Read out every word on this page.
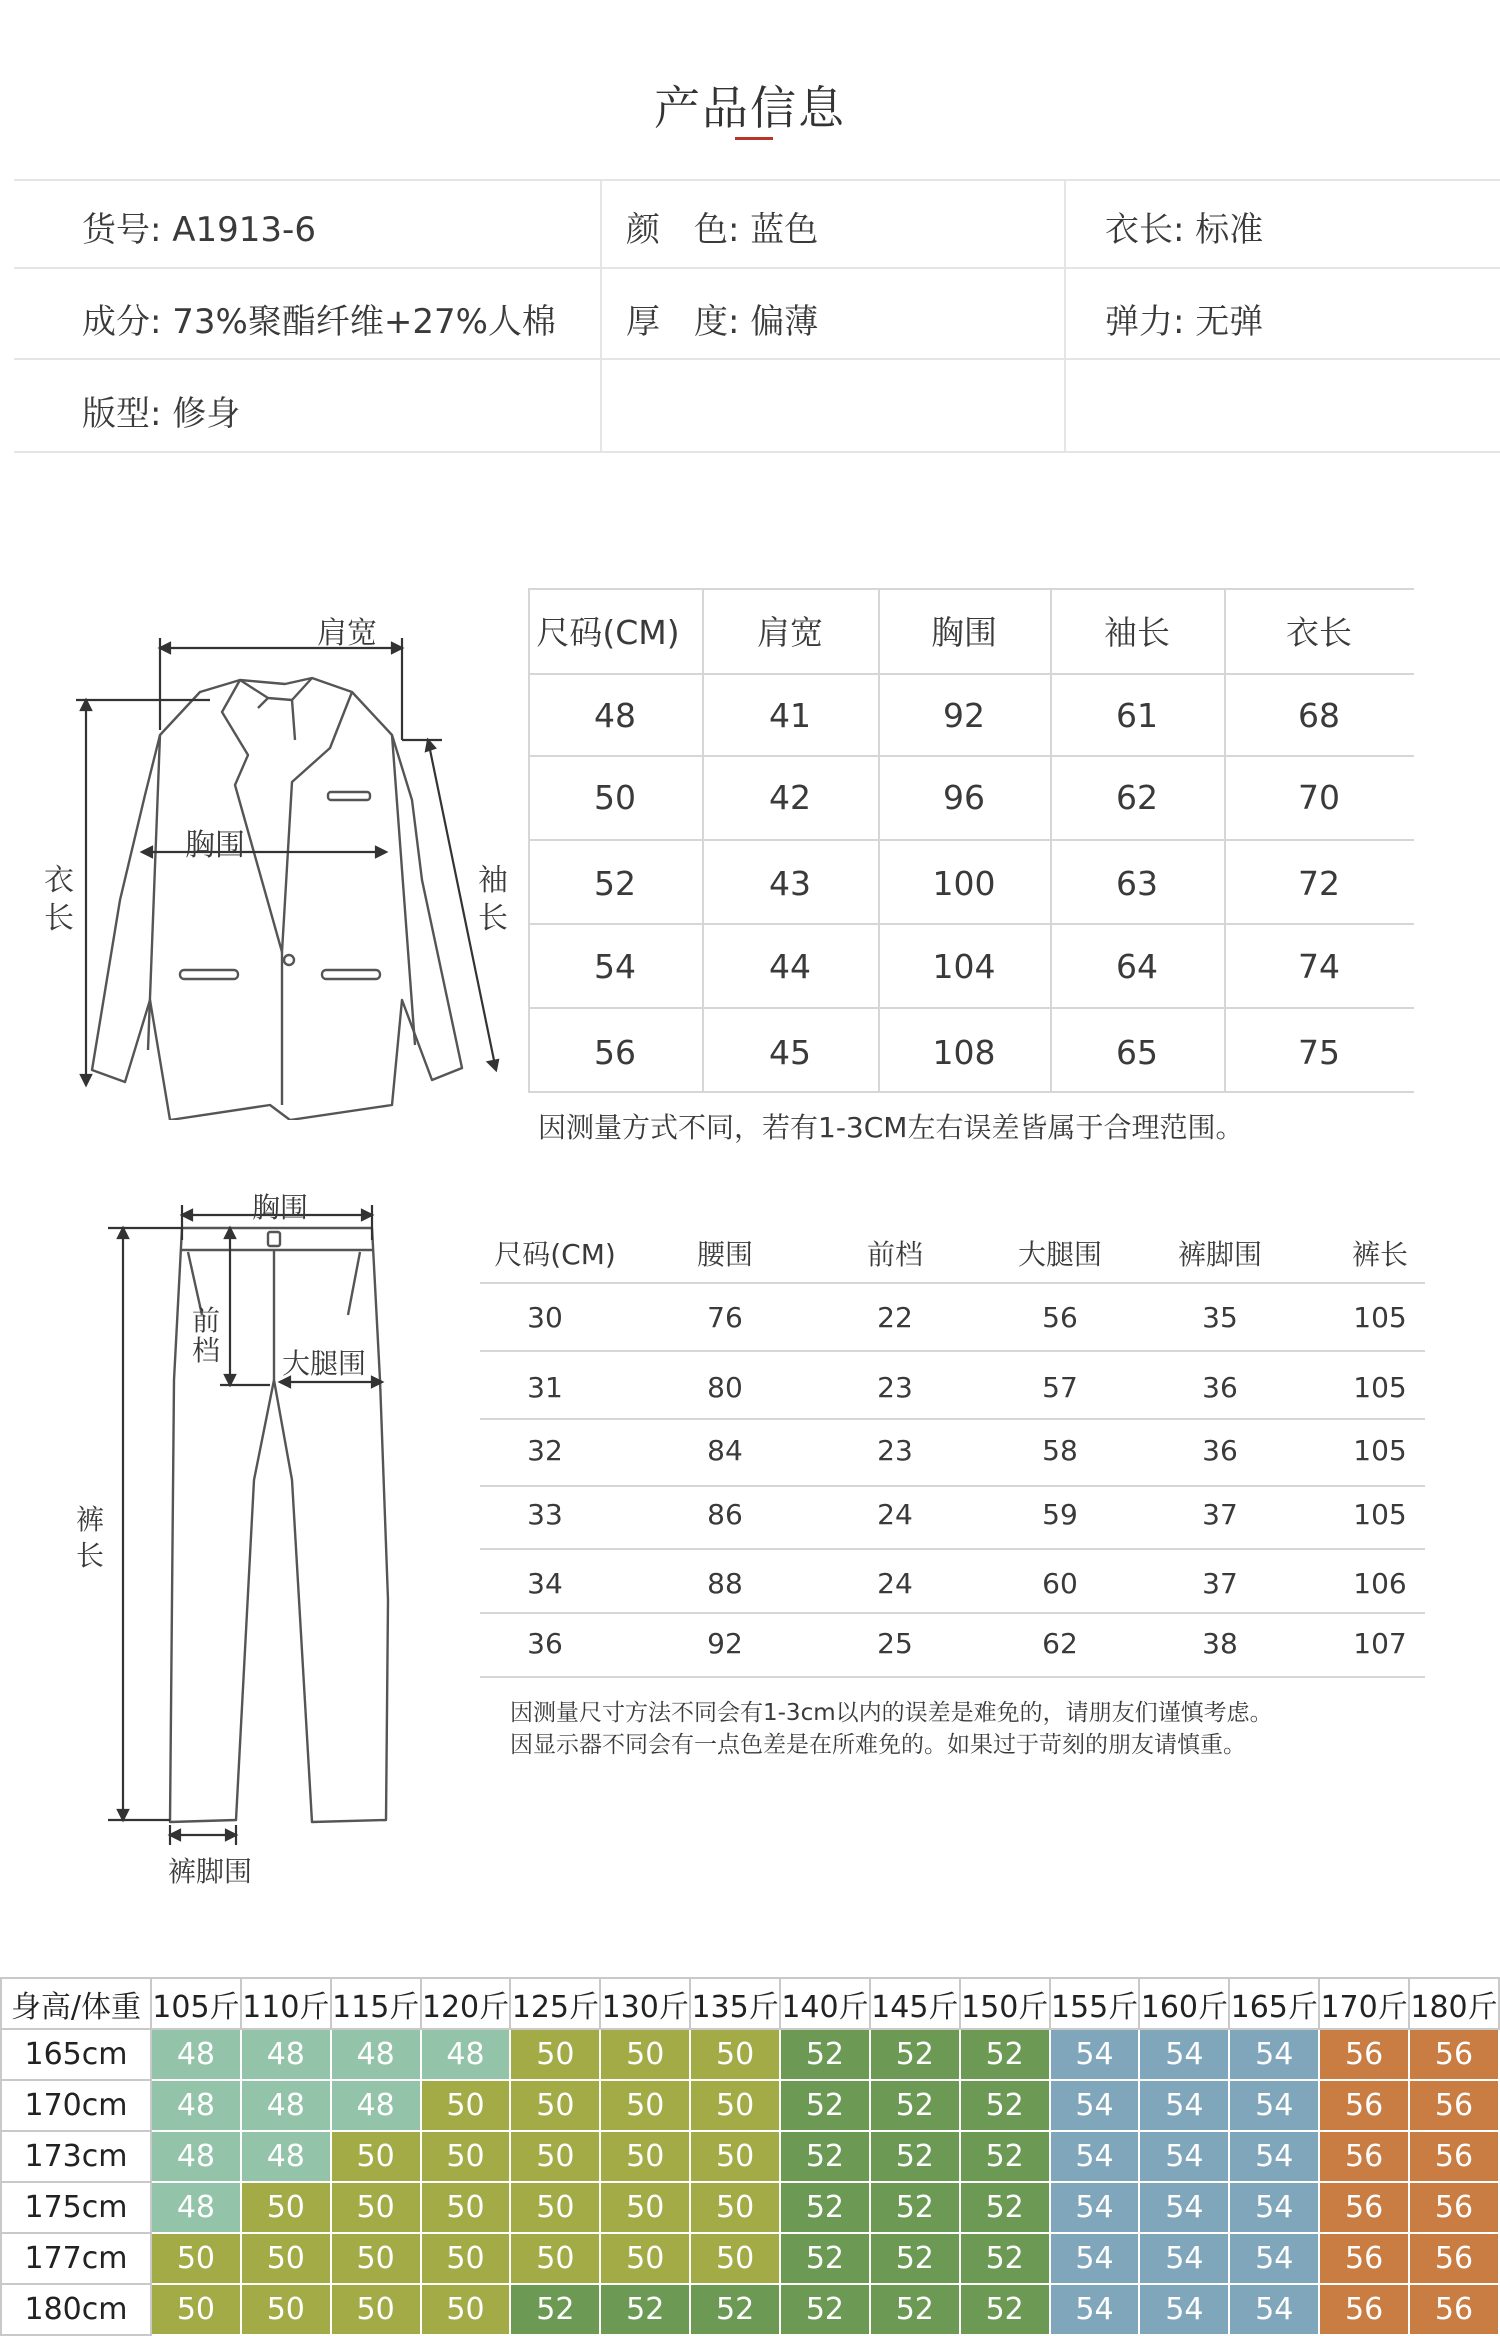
产品信息
货号: A1913-6	颜　色: 蓝色	衣长: 标准
成分: 73%聚酯纤维+27%人棉 厚　度: 偏薄	弹力: 无弹
版型: 修身
肩宽
胸围
衣长
袖长
尺码(CM)	肩宽	胸围	袖长	衣长
48	41	92	61	68
50	42	96	62	70
52	43	100	63	72
54	44	104	64	74
56	45	108	65	75
因测量方式不同，若有1-3CM左右误差皆属于合理范围。
胸围
前档 大腿围
裤长
裤脚围
尺码(CM)	腰围	前档	大腿围	裤脚围	裤长
30	76	22	56	35	105
31	80	23	57	36	105
32	84	23	58	36	105
33	86	24	59	37	105
34	88	24	60	37	106
36	92	25	62	38	107
因测量尺寸方法不同会有1-3cm以内的误差是难免的，请朋友们谨慎考虑。
因显示器不同会有一点色差是在所难免的。如果过于苛刻的朋友请慎重。
身高/体重	105斤	110斤	115斤	120斤	125斤	130斤	135斤	140斤	145斤	150斤	155斤	160斤	165斤	170斤	180斤
165cm	48	48	48	48	50	50	50	52	52	52	54	54	54	56	56
170cm	48	48	48	50	50	50	50	52	52	52	54	54	54	56	56
173cm	48	48	50	50	50	50	50	52	52	52	54	54	54	56	56
175cm	48	50	50	50	50	50	50	52	52	52	54	54	54	56	56
177cm	50	50	50	50	50	50	50	52	52	52	54	54	54	56	56
180cm	50	50	50	50	52	52	52	52	52	52	54	54	54	56	56
